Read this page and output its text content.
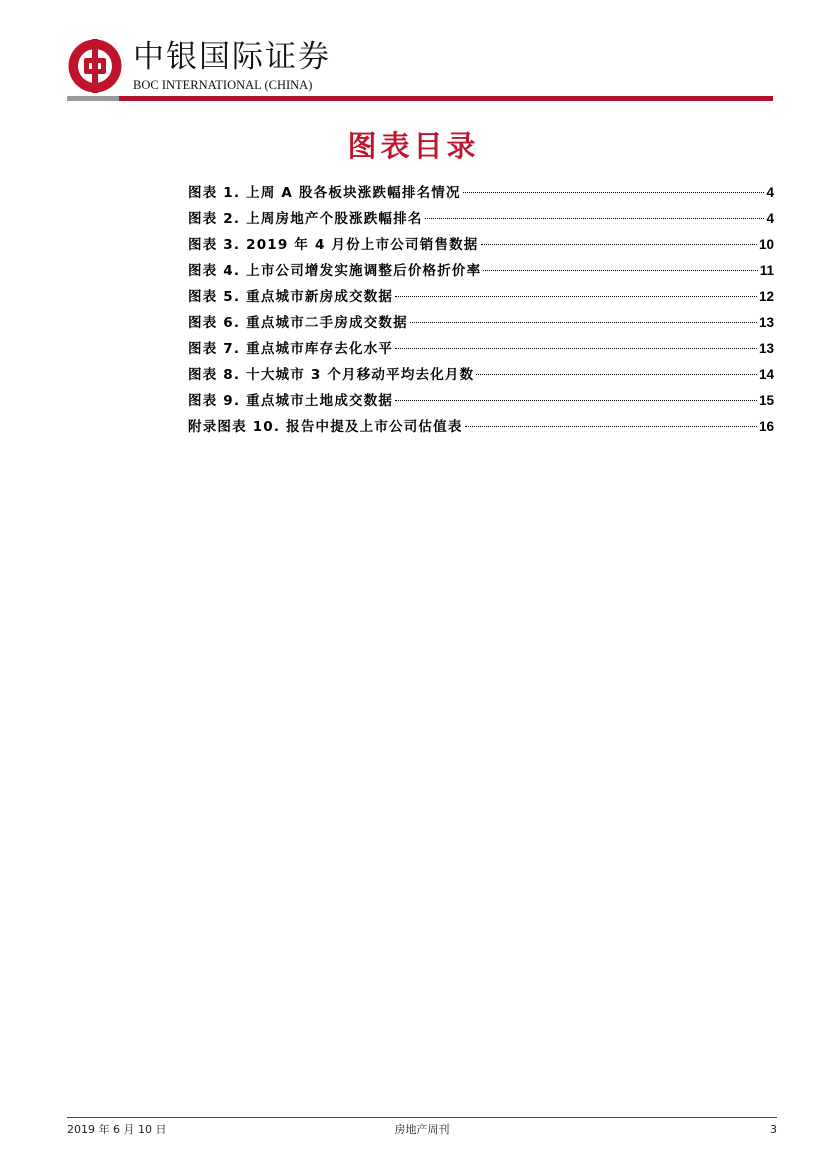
中银国际证券
BOC INTERNATIONAL (CHINA)
图表目录
图表 1. 上周 A 股各板块涨跌幅排名情况	4
图表 2. 上周房地产个股涨跌幅排名	4
图表 3. 2019 年 4 月份上市公司销售数据	10
图表 4. 上市公司增发实施调整后价格折价率	11
图表 5. 重点城市新房成交数据	12
图表 6. 重点城市二手房成交数据	13
图表 7. 重点城市库存去化水平	13
图表 8. 十大城市 3 个月移动平均去化月数	14
图表 9. 重点城市土地成交数据	15
附录图表 10. 报告中提及上市公司估值表	16
2019 年 6 月 10 日	房地产周刊	3
